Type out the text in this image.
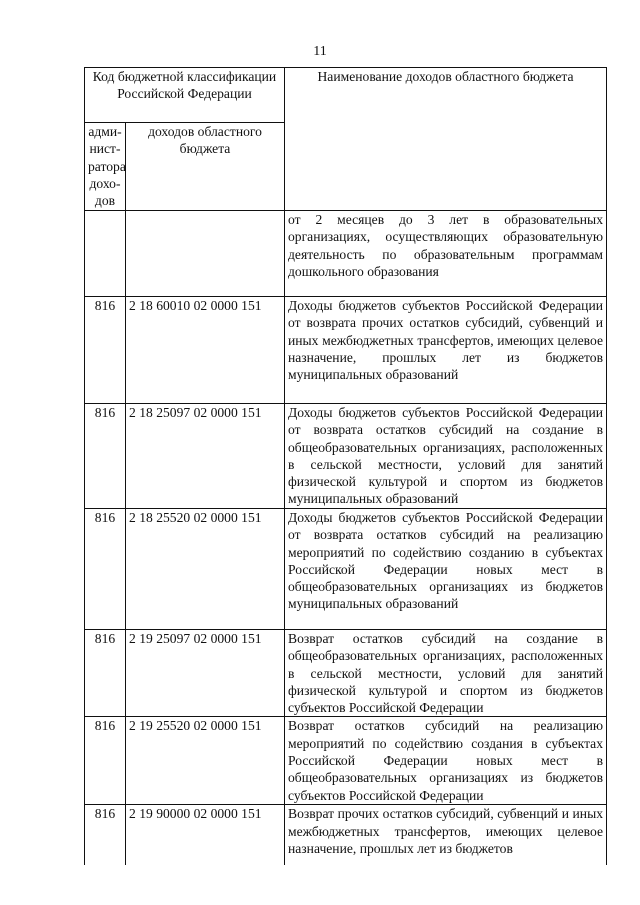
11
Код бюджетной классификации Российской Федерации		Наименование доходов областного бюджета
адми-нист-ратора дохо-дов	доходов областного бюджета	
		от 2 месяцев до 3 лет в образовательных организациях, осуществляющих образовательную деятельность по образовательным программам дошкольного образования
816	2 18 60010 02 0000 151	Доходы бюджетов субъектов Российской Федерации от возврата прочих остатков субсидий, субвенций и иных межбюджетных трансфертов, имеющих целевое назначение, прошлых лет из бюджетов муниципальных образований
816	2 18 25097 02 0000 151	Доходы бюджетов субъектов Российской Федерации от возврата остатков субсидий на создание в общеобразовательных организациях, расположенных в сельской местности, условий для занятий физической культурой и спортом из бюджетов муниципальных образований
816	2 18 25520 02 0000 151	Доходы бюджетов субъектов Российской Федерации от возврата остатков субсидий на реализацию мероприятий по содействию созданию в субъектах Российской Федерации новых мест в общеобразовательных организациях из бюджетов муниципальных образований
816	2 19 25097 02 0000 151	Возврат остатков субсидий на создание в общеобразовательных организациях, расположенных в сельской местности, условий для занятий физической культурой и спортом из бюджетов субъектов Российской Федерации
816	2 19 25520 02 0000 151	Возврат остатков субсидий на реализацию мероприятий по содействию создания в субъектах Российской Федерации новых мест в общеобразовательных организациях из бюджетов субъектов Российской Федерации
816	2 19 90000 02 0000 151	Возврат прочих остатков субсидий, субвенций и иных межбюджетных трансфертов, имеющих целевое назначение, прошлых лет из бюджетов
